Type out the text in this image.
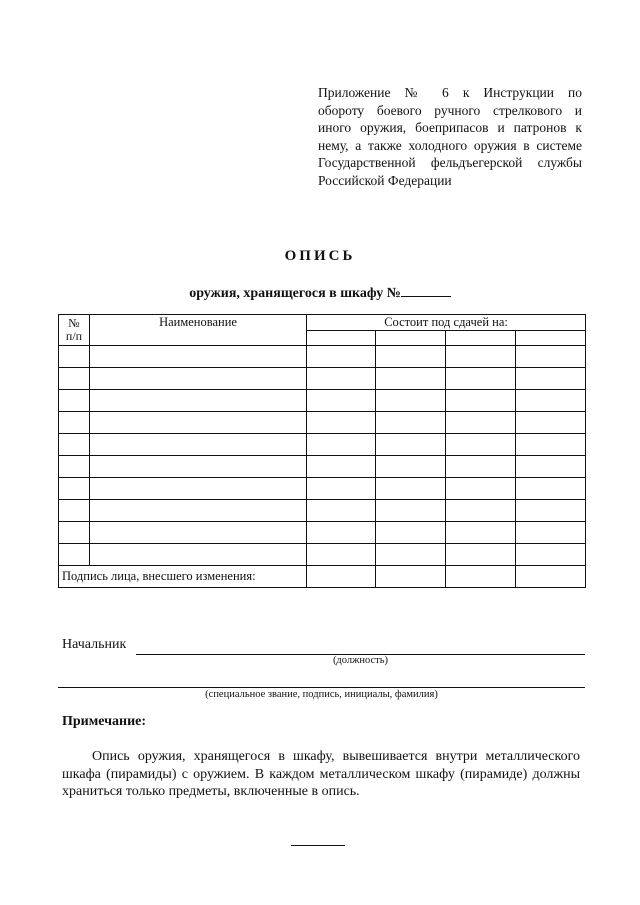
Приложение № 6 к Инструкции по
обороту боевого ручного стрелкового и
иного оружия, боеприпасов и патронов к
нему, а также холодного оружия в системе
Государственной фельдъегерской службы
Российской Федерации
ОПИСЬ
оружия, хранящегося в шкафу №
№
п/п	Наименование	Состоит под сдачей на:			

Подпись лица, внесшего изменения:					
Начальник
(должность)
(специальное звание, подпись, инициалы, фамилия)
Примечание:
Опись оружия, хранящегося в шкафу, вывешивается внутри металлического
шкафа (пирамиды) с оружием. В каждом металлическом шкафу (пирамиде) должны
храниться только предметы, включенные в опись.
